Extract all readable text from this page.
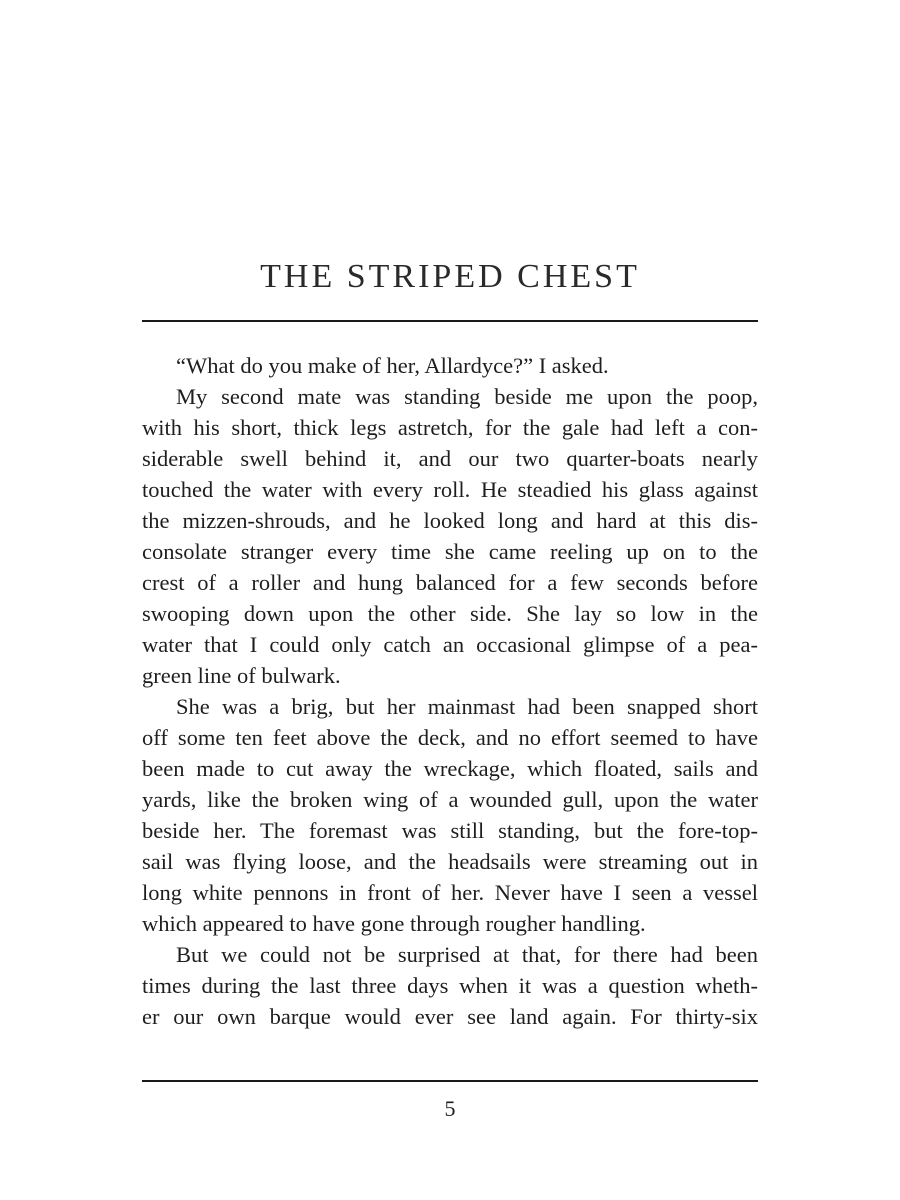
THE STRIPED CHEST

“What do you make of her, Allardyce?” I asked.

My second mate was standing beside me upon the poop,
with his short, thick legs astretch, for the gale had left a con-
siderable swell behind it, and our two quarter-boats nearly
touched the water with every roll. He steadied his glass against
the mizzen-shrouds, and he looked long and hard at this dis-
consolate stranger every time she came reeling up on to the
crest of a roller and hung balanced for a few seconds before
swooping down upon the other side. She lay so low in the
water that I could only catch an occasional glimpse of a pea-
green line of bulwark.

She was a brig, but her mainmast had been snapped short
off some ten feet above the deck, and no effort seemed to have
been made to cut away the wreckage, which floated, sails and
yards, like the broken wing of a wounded gull, upon the water
beside her. The foremast was still standing, but the fore-top-
sail was flying loose, and the headsails were streaming out in
long white pennons in front of her. Never have I seen a vessel
which appeared to have gone through rougher handling.

But we could not be surprised at that, for there had been
times during the last three days when it was a question wheth-
er our own barque would ever see land again. For thirty-six

5
